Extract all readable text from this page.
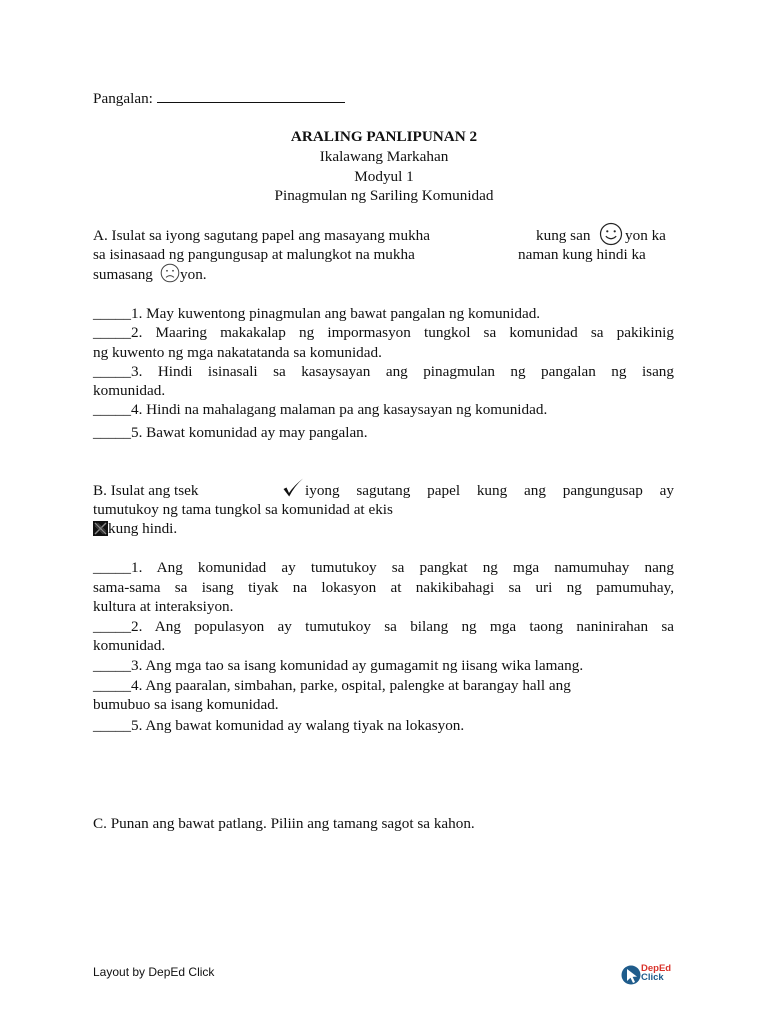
Pangalan:
ARALING PANLIPUNAN 2
Ikalawang Markahan
Modyul 1
Pinagmulan ng Sariling Komunidad
A. Isulat sa iyong sagutang papel ang masayang mukha	kung san yon ka
sa isinasaad ng pangungusap at malungkot na mukha	naman kung hindi ka
sumasang yon.
_____1. May kuwentong pinagmulan ang bawat pangalan ng komunidad.
_____2. Maaring makakalap ng impormasyon tungkol sa komunidad sa pakikinig
ng kuwento ng mga nakatatanda sa komunidad.
_____3. Hindi isinasali sa kasaysayan ang pinagmulan ng pangalan ng isang
komunidad.
_____4. Hindi na mahalagang malaman pa ang kasaysayan ng komunidad.
_____5. Bawat komunidad ay may pangalan.
B. Isulat ang tsek	iyong sagutang papel kung ang pangungusap ay
tumutukoy ng tama tungkol sa komunidad at ekis
kung hindi.
_____1. Ang komunidad ay tumutukoy sa pangkat ng mga namumuhay nang
sama-sama sa isang tiyak na lokasyon at nakikibahagi sa uri ng pamumuhay,
kultura at interaksiyon.
_____2. Ang populasyon ay tumutukoy sa bilang ng mga taong naninirahan sa
komunidad.
_____3. Ang mga tao sa isang komunidad ay gumagamit ng iisang wika lamang.
_____4. Ang paaralan, simbahan, parke, ospital, palengke at barangay hall ang
bumubuo sa isang komunidad.
_____5. Ang bawat komunidad ay walang tiyak na lokasyon.
C. Punan ang bawat patlang. Piliin ang tamang sagot sa kahon.
Layout by DepEd Click	DepEd
Click
